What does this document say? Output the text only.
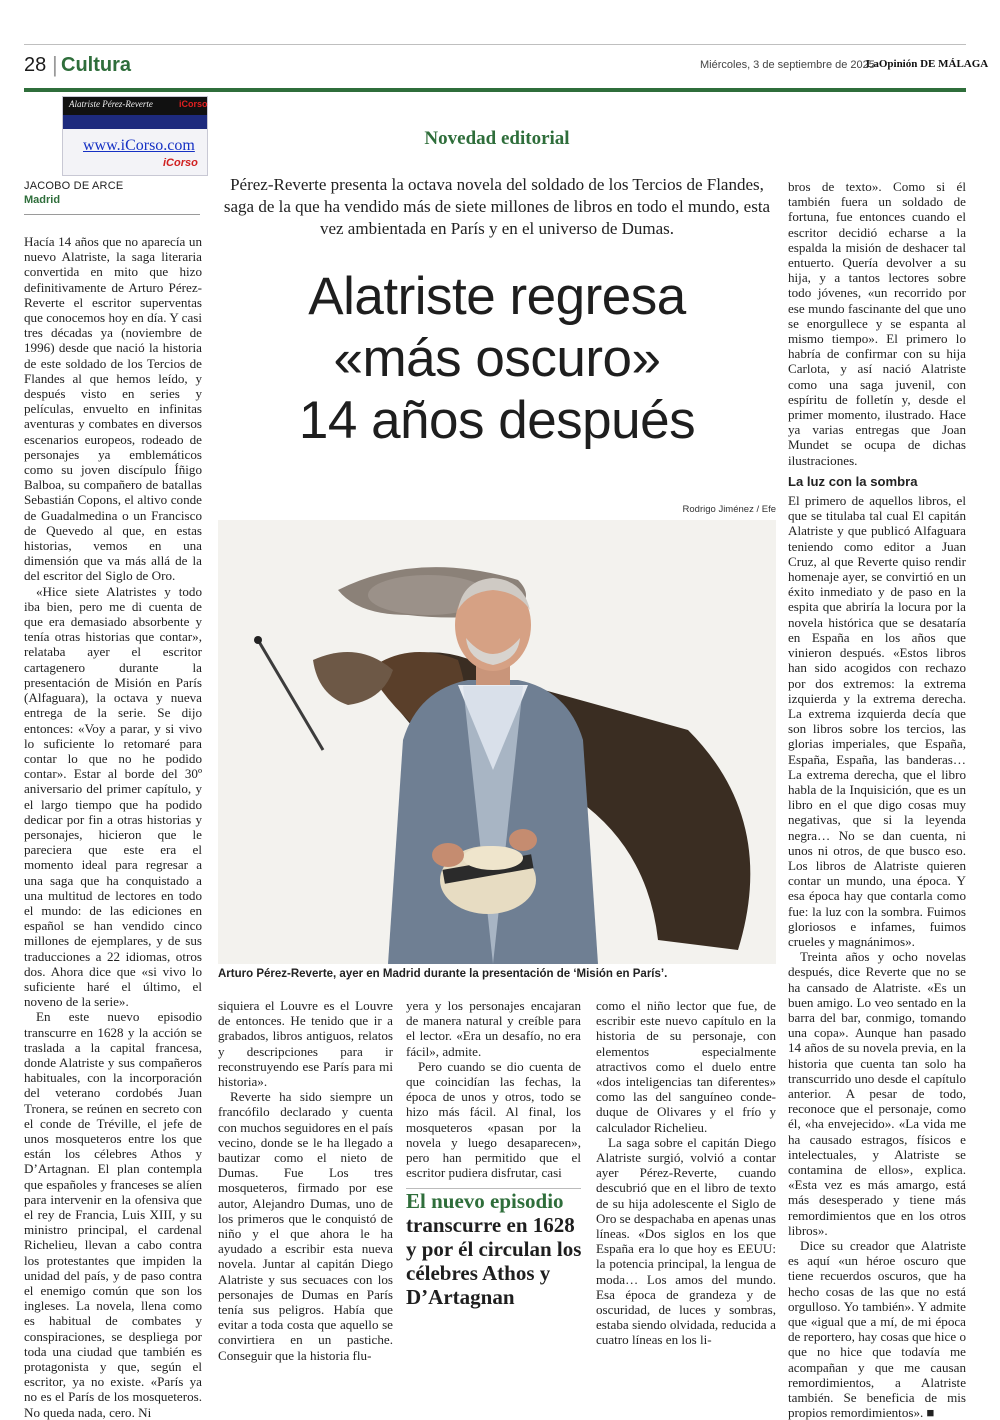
28 | Cultura	Miércoles, 3 de septiembre de 2025
LaOpinión DE MÁLAGA
Alatriste Pérez-Reverte	iCorso
www.iCorso.com
iCorso
JACOBO DE ARCE
Madrid
Novedad editorial
Pérez-Reverte presenta la octava novela del soldado de los Tercios de Flandes, saga de la que ha vendido más de siete millones de libros en todo el mundo, esta vez ambientada en París y en el universo de Dumas.
Alatriste regresa
«más oscuro»
14 años después
Rodrigo Jiménez / Efe
Arturo Pérez-Reverte, ayer en Madrid durante la presentación de ‘Misión en París’.

Hacía 14 años que no aparecía un nuevo Alatriste, la saga literaria convertida en mito que hizo definitivamente de Arturo Pérez-Reverte el escritor superventas que conocemos hoy en día. Y casi tres décadas ya (noviembre de 1996) desde que nació la historia de este soldado de los Tercios de Flandes al que hemos leído, y después visto en series y películas, envuelto en infinitas aventuras y combates en diversos escenarios europeos, rodeado de personajes ya emblemáticos como su joven discípulo Íñigo Balboa, su compañero de batallas Sebastián Copons, el altivo conde de Guadalmedina o un Francisco de Quevedo al que, en estas historias, vemos en una dimensión que va más allá de la del escritor del Siglo de Oro.

«Hice siete Alatristes y todo iba bien, pero me di cuenta de que era demasiado absorbente y tenía otras historias que contar», relataba ayer el escritor cartagenero durante la presentación de Misión en París (Alfaguara), la octava y nueva entrega de la serie. Se dijo entonces: «Voy a parar, y si vivo lo suficiente lo retomaré para contar lo que no he podido contar». Estar al borde del 30º aniversario del primer capítulo, y el largo tiempo que ha podido dedicar por fin a otras historias y personajes, hicieron que le pareciera que este era el momento ideal para regresar a una saga que ha conquistado a una multitud de lectores en todo el mundo: de las ediciones en español se han vendido cinco millones de ejemplares, y de sus traducciones a 22 idiomas, otros dos. Ahora dice que «si vivo lo suficiente haré el último, el noveno de la serie».

En este nuevo episodio transcurre en 1628 y la acción se traslada a la capital francesa, donde Alatriste y sus compañeros habituales, con la incorporación del veterano cordobés Juan Tronera, se reúnen en secreto con el conde de Tréville, el jefe de unos mosqueteros entre los que están los célebres Athos y D’Artagnan. El plan contempla que españoles y franceses se alíen para intervenir en la ofensiva que el rey de Francia, Luis XIII, y su ministro principal, el cardenal Richelieu, llevan a cabo contra los protestantes que impiden la unidad del país, y de paso contra el enemigo común que son los ingleses. La novela, llena como es habitual de combates y conspiraciones, se despliega por toda una ciudad que también es protagonista y que, según el escritor, ya no existe. «París ya no es el París de los mosqueteros. No queda nada, cero. Ni

siquiera el Louvre es el Louvre de entonces. He tenido que ir a grabados, libros antiguos, relatos y descripciones para ir reconstruyendo ese París para mi historia».

Reverte ha sido siempre un francófilo declarado y cuenta con muchos seguidores en el país vecino, donde se le ha llegado a bautizar como el nieto de Dumas. Fue Los tres mosqueteros, firmado por ese autor, Alejandro Dumas, uno de los primeros que le conquistó de niño y el que ahora le ha ayudado a escribir esta nueva novela. Juntar al capitán Diego Alatriste y sus secuaces con los personajes de Dumas en París tenía sus peligros. Había que evitar a toda costa que aquello se convirtiera en un pastiche. Conseguir que la historia flu-

yera y los personajes encajaran de manera natural y creíble para el lector. «Era un desafío, no era fácil», admite.

Pero cuando se dio cuenta de que coincidían las fechas, la época de unos y otros, todo se hizo más fácil. Al final, los mosqueteros «pasan por la novela y luego desaparecen», pero han permitido que el escritor pudiera disfrutar, casi

El nuevo episodio transcurre en 1628 y por él circulan los célebres Athos y D’Artagnan

como el niño lector que fue, de escribir este nuevo capítulo en la historia de su personaje, con elementos especialmente atractivos como el duelo entre «dos inteligencias tan diferentes» como las del sanguíneo conde-duque de Olivares y el frío y calculador Richelieu.

La saga sobre el capitán Diego Alatriste surgió, volvió a contar ayer Pérez-Reverte, cuando descubrió que en el libro de texto de su hija adolescente el Siglo de Oro se despachaba en apenas unas líneas. «Dos siglos en los que España era lo que hoy es EEUU: la potencia principal, la lengua de moda… Los amos del mundo. Esa época de grandeza y de oscuridad, de luces y sombras, estaba siendo olvidada, reducida a cuatro líneas en los li-

bros de texto». Como si él también fuera un soldado de fortuna, fue entonces cuando el escritor decidió echarse a la espalda la misión de deshacer tal entuerto. Quería devolver a su hija, y a tantos lectores sobre todo jóvenes, «un recorrido por ese mundo fascinante del que uno se enorgullece y se espanta al mismo tiempo». El primero lo habría de confirmar con su hija Carlota, y así nació Alatriste como una saga juvenil, con espíritu de folletín y, desde el primer momento, ilustrado. Hace ya varias entregas que Joan Mundet se ocupa de dichas ilustraciones.

La luz con la sombra

El primero de aquellos libros, el que se titulaba tal cual El capitán Alatriste y que publicó Alfaguara teniendo como editor a Juan Cruz, al que Reverte quiso rendir homenaje ayer, se convirtió en un éxito inmediato y de paso en la espita que abriría la locura por la novela histórica que se desataría en España en los años que vinieron después. «Estos libros han sido acogidos con rechazo por dos extremos: la extrema izquierda y la extrema derecha. La extrema izquierda decía que son libros sobre los tercios, las glorias imperiales, que España, España, España, las banderas… La extrema derecha, que el libro habla de la Inquisición, que es un libro en el que digo cosas muy negativas, que si la leyenda negra… No se dan cuenta, ni unos ni otros, de que busco eso. Los libros de Alatriste quieren contar un mundo, una época. Y esa época hay que contarla como fue: la luz con la sombra. Fuimos gloriosos e infames, fuimos crueles y magnánimos».

Treinta años y ocho novelas después, dice Reverte que no se ha cansado de Alatriste. «Es un buen amigo. Lo veo sentado en la barra del bar, conmigo, tomando una copa». Aunque han pasado 14 años de su novela previa, en la historia que cuenta tan solo ha transcurrido uno desde el capítulo anterior. A pesar de todo, reconoce que el personaje, como él, «ha envejecido». «La vida me ha causado estragos, físicos e intelectuales, y Alatriste se contamina de ellos», explica. «Esta vez es más amargo, está más desesperado y tiene más remordimientos que en los otros libros».

Dice su creador que Alatriste es aquí «un héroe oscuro que tiene recuerdos oscuros, que ha hecho cosas de las que no está orgulloso. Yo también». Y admite que «igual que a mí, de mi época de reportero, hay cosas que hice o que no hice que todavía me acompañan y que me causan remordimientos, a Alatriste también. Se beneficia de mis propios remordimientos». ■
